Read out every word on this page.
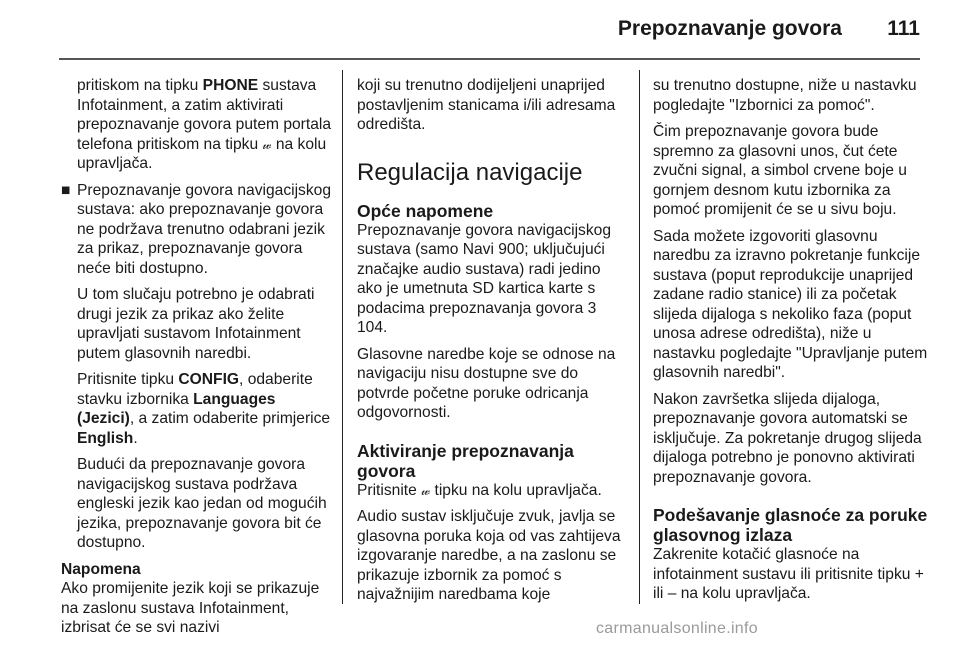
Prepoznavanje govora 111

pritiskom na tipku PHONE sustava Infotainment, a zatim aktivirati prepoznavanje govora putem portala telefona pritiskom na tipku 𝓌 na kolu upravljača.

■ Prepoznavanje govora navigacijskog sustava: ako prepoznavanje govora ne podržava trenutno odabrani jezik za prikaz, prepoznavanje govora neće biti dostupno.

U tom slučaju potrebno je odabrati drugi jezik za prikaz ako želite upravljati sustavom Infotainment putem glasovnih naredbi.

Pritisnite tipku CONFIG, odaberite stavku izbornika Languages (Jezici), a zatim odaberite primjerice English.

Budući da prepoznavanje govora navigacijskog sustava podržava engleski jezik kao jedan od mogućih jezika, prepoznavanje govora bit će dostupno.

Napomena

Ako promijenite jezik koji se prikazuje na zaslonu sustava Infotainment, izbrisat će se svi nazivi

koji su trenutno dodijeljeni unaprijed postavljenim stanicama i/ili adresama odredišta.

Regulacija navigacije
Opće napomene

Prepoznavanje govora navigacijskog sustava (samo Navi 900; uključujući značajke audio sustava) radi jedino ako je umetnuta SD kartica karte s podacima prepoznavanja govora 3 104.

Glasovne naredbe koje se odnose na navigaciju nisu dostupne sve do potvrde početne poruke odricanja odgovornosti.

Aktiviranje prepoznavanja govora

Pritisnite 𝓌 tipku na kolu upravljača.

Audio sustav isključuje zvuk, javlja se glasovna poruka koja od vas zahtijeva izgovaranje naredbe, a na zaslonu se prikazuje izbornik za pomoć s najvažnijim naredbama koje

su trenutno dostupne, niže u nastavku pogledajte "Izbornici za pomoć".

Čim prepoznavanje govora bude spremno za glasovni unos, čut ćete zvučni signal, a simbol crvene boje u gornjem desnom kutu izbornika za pomoć promijenit će se u sivu boju.

Sada možete izgovoriti glasovnu naredbu za izravno pokretanje funkcije sustava (poput reprodukcije unaprijed zadane radio stanice) ili za početak slijeda dijaloga s nekoliko faza (poput unosa adrese odredišta), niže u nastavku pogledajte "Upravljanje putem glasovnih naredbi".

Nakon završetka slijeda dijaloga, prepoznavanje govora automatski se isključuje. Za pokretanje drugog slijeda dijaloga potrebno je ponovno aktivirati prepoznavanje govora.

Podešavanje glasnoće za poruke glasovnog izlaza

Zakrenite kotačić glasnoće na infotainment sustavu ili pritisnite tipku + ili – na kolu upravljača.

carmanualsonline.info
